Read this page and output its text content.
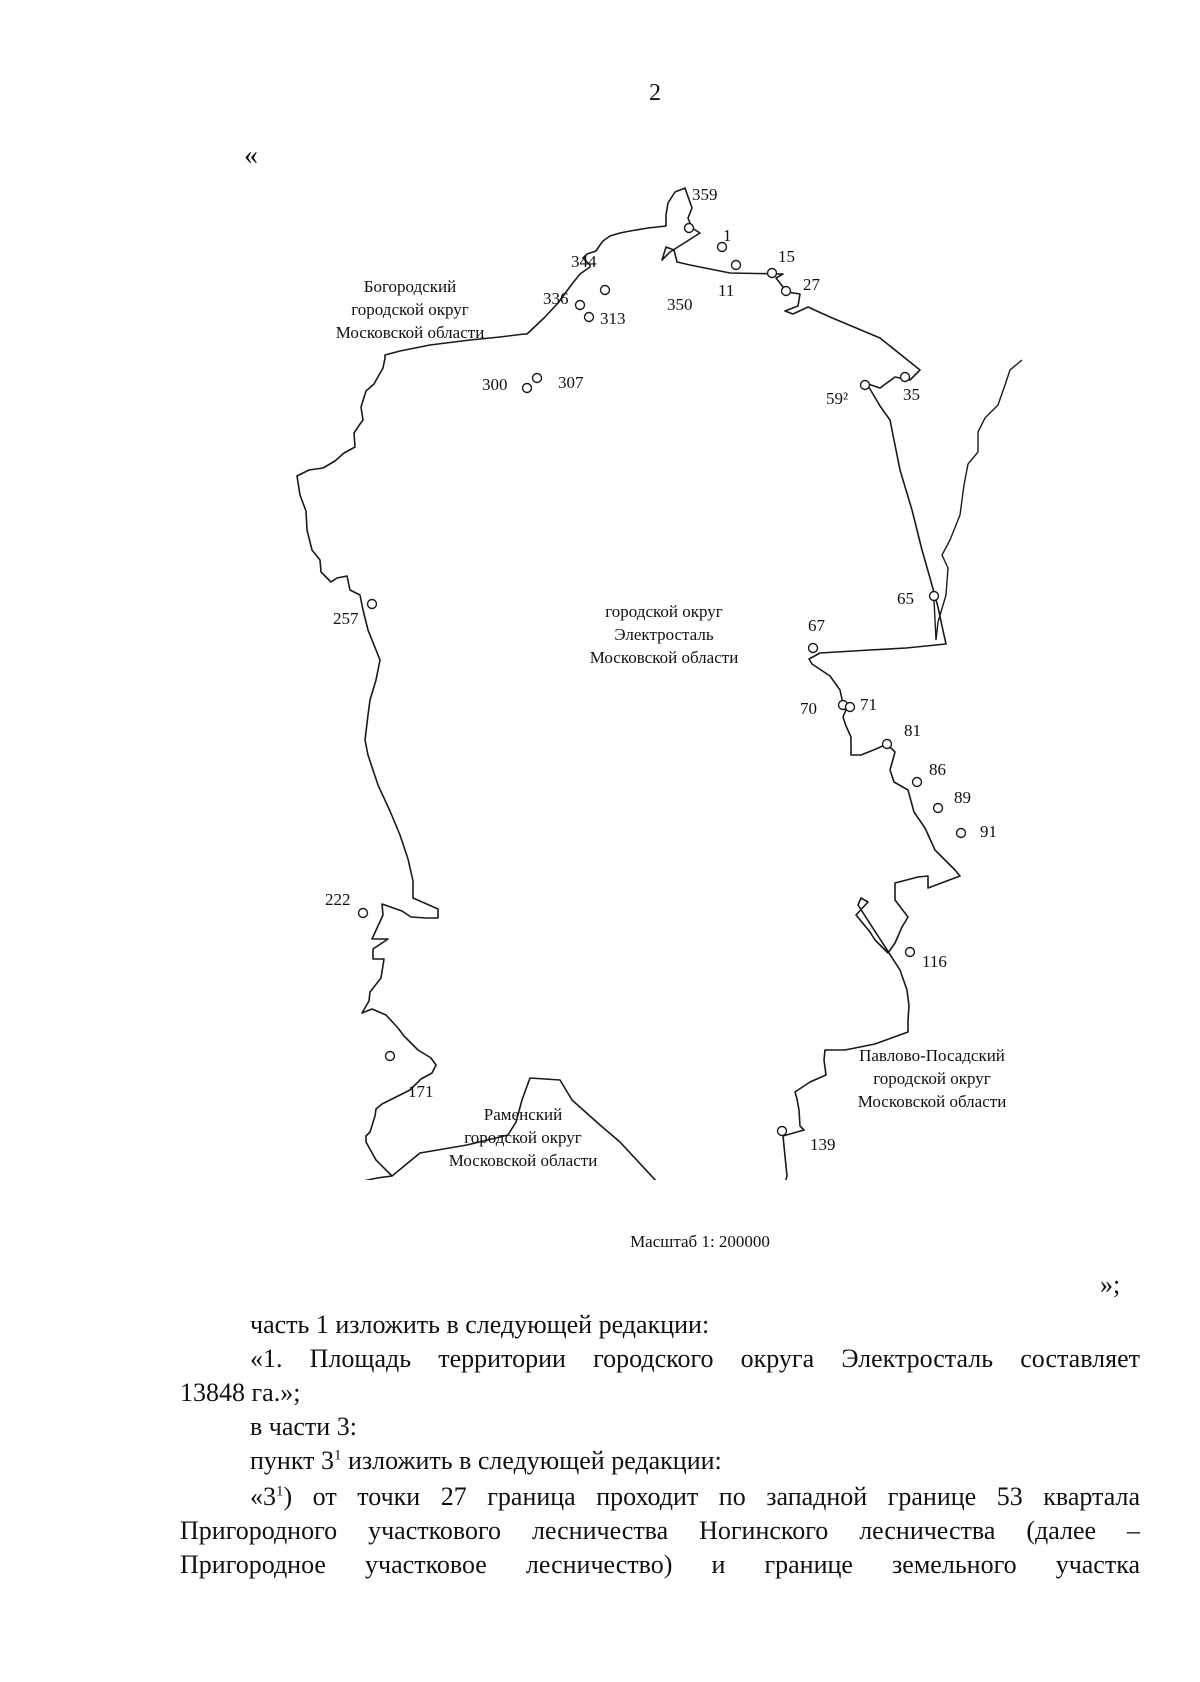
2
«
359
1
15
11	27
344
336
313
350
300	307
59²	35
65
257	67
70	71
81
86
89
91
222
116
171
139
Богородский
городской округ
Московской области
городской округ
Электросталь
Московской области
Павлово-Посадский
городской округ
Московской области
Раменский
городской округ
Московской области
Масштаб 1: 200000
»;
часть 1 изложить в следующей редакции:
«1. Площадь территории городского округа Электросталь составляет
13848 га.»;
в части 3:
пункт $3^1$ изложить в следующей редакции:
«$3^1$) от точки 27 граница проходит по западной границе 53 квартала
Пригородного участкового лесничества Ногинского лесничества (далее –
Пригородное участковое лесничество) и границе земельного участка
